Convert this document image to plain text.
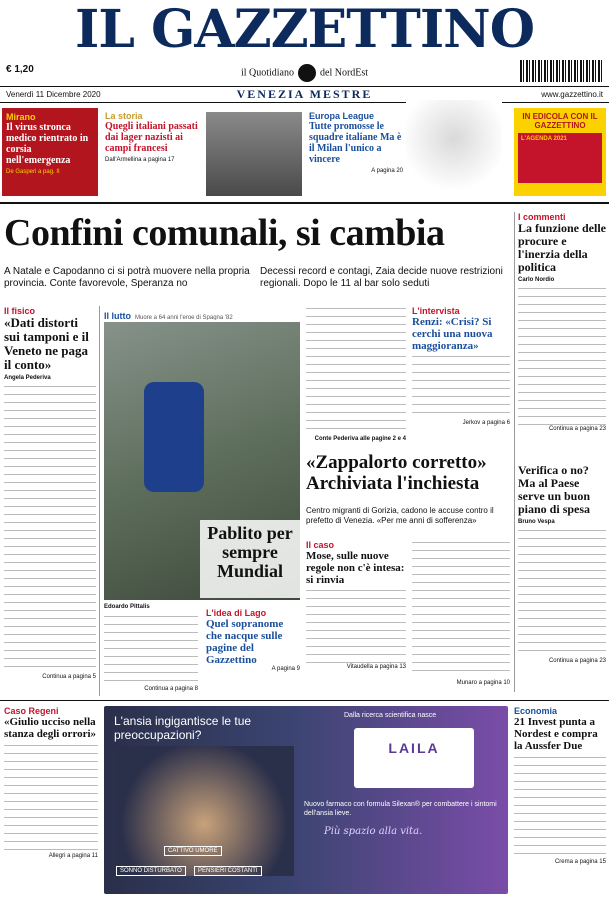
IL GAZZETTINO
€ 1,20	il Quotidiano	del NordEst
Venerdì 11 Dicembre 2020	VENEZIA MESTRE	www.gazzettino.it
Mirano
Il virus stronca medico rientrato in corsia nell'emergenza
De Gasperi a pag. II
La storia
Quegli italiani passati dai lager nazisti ai campi francesi
Dall'Armellina a pagina 17
Europa League
Tutte promosse le squadre italiane Ma è il Milan l'unico a vincere
A pagina 20
IN EDICOLA CON IL GAZZETTINO
L'AGENDA 2021
Confini comunali, si cambia
A Natale e Capodanno ci si potrà muovere nella propria provincia. Conte favorevole, Speranza no
Decessi record e contagi, Zaia decide nuove restrizioni regionali. Dopo le 11 al bar solo seduti
Il fisico
«Dati distorti sui tamponi e il Veneto ne paga il conto»
Angela Pederiva
Continua a pagina 5
Il lutto Muore a 64 anni l'eroe di Spagna '82
Pablito per sempre Mundial
Edoardo Pittalis
Continua a pagina 8
L'idea di Lago
Quel sopranome che nacque sulle pagine del Gazzettino
A pagina 9
Conte Pederiva alle pagine 2 e 4
L'intervista
Renzi: «Crisi? Si cerchi una nuova maggioranza»
Jerkov a pagina 6
«Zappalorto corretto» Archiviata l'inchiesta
Centro migranti di Gorizia, cadono le accuse contro il prefetto di Venezia. «Per me anni di sofferenza»
Il caso
Mose, sulle nuove regole non c'è intesa: si rinvia
Vitaudella a pagina 13
Munaro a pagina 10
I commenti
La funzione delle procure e l'inerzia della politica
Carlo Nordio
Continua a pagina 23
Verifica o no? Ma al Paese serve un buon piano di spesa
Bruno Vespa
Continua a pagina 23
Caso Regeni
«Giulio ucciso nella stanza degli orrori»
Allegri a pagina 11
L'ansia ingigantisce le tue preoccupazioni?
Dalla ricerca scientifica nasce
LAILA
Nuovo farmaco con formula Silexan® per combattere i sintomi dell'ansia lieve.
Più spazio alla vita.
CATTIVO UMORE
SONNO DISTURBATO	PENSIERI COSTANTI
Economia
21 Invest punta a Nordest e compra la Aussfer Due
Crema a pagina 15
